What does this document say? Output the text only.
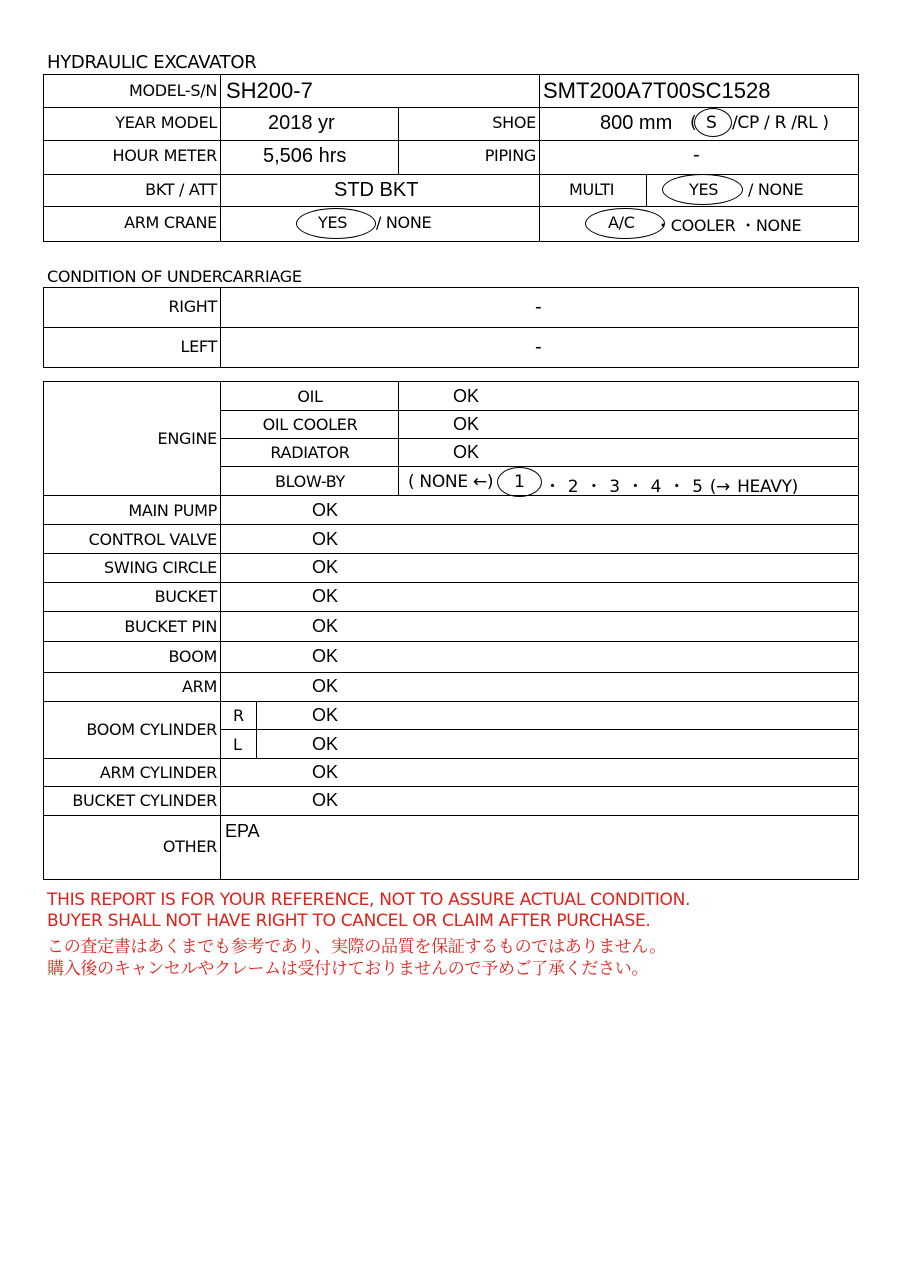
HYDRAULIC EXCAVATOR
MODEL-S/N SH200-7	SMT200A7T00SC1528
YEAR MODEL	2018 yr	SHOE	800 mm ( S /CP / R /RL )
HOUR METER 5,506 hrs	PIPING	-
BKT / ATT	STD BKT	MULTI	YES / NONE
ARM CRANE	YES / NONE	A/C ・COOLER ・NONE
CONDITION OF UNDERCARRIAGE
RIGHT	-
LEFT	-
ENGINE
OIL	OK
OIL COOLER	OK
RADIATOR	OK
BLOW-BY	( NONE ←) 1 ・ 2 ・ 3 ・ 4 ・ 5 (→ HEAVY)
MAIN PUMP	OK
CONTROL VALVE	OK
SWING CIRCLE	OK
BUCKET	OK
BUCKET PIN	OK
BOOM	OK
ARM	OK
BOOM CYLINDER
R	OK
L	OK
ARM CYLINDER	OK
BUCKET CYLINDER	OK
OTHER
EPA
THIS REPORT IS FOR YOUR REFERENCE, NOT TO ASSURE ACTUAL CONDITION.
BUYER SHALL NOT HAVE RIGHT TO CANCEL OR CLAIM AFTER PURCHASE.
この査定書はあくまでも参考であり、実際の品質を保証するものではありません。
購入後のキャンセルやクレームは受付けておりませんので予めご了承ください。
